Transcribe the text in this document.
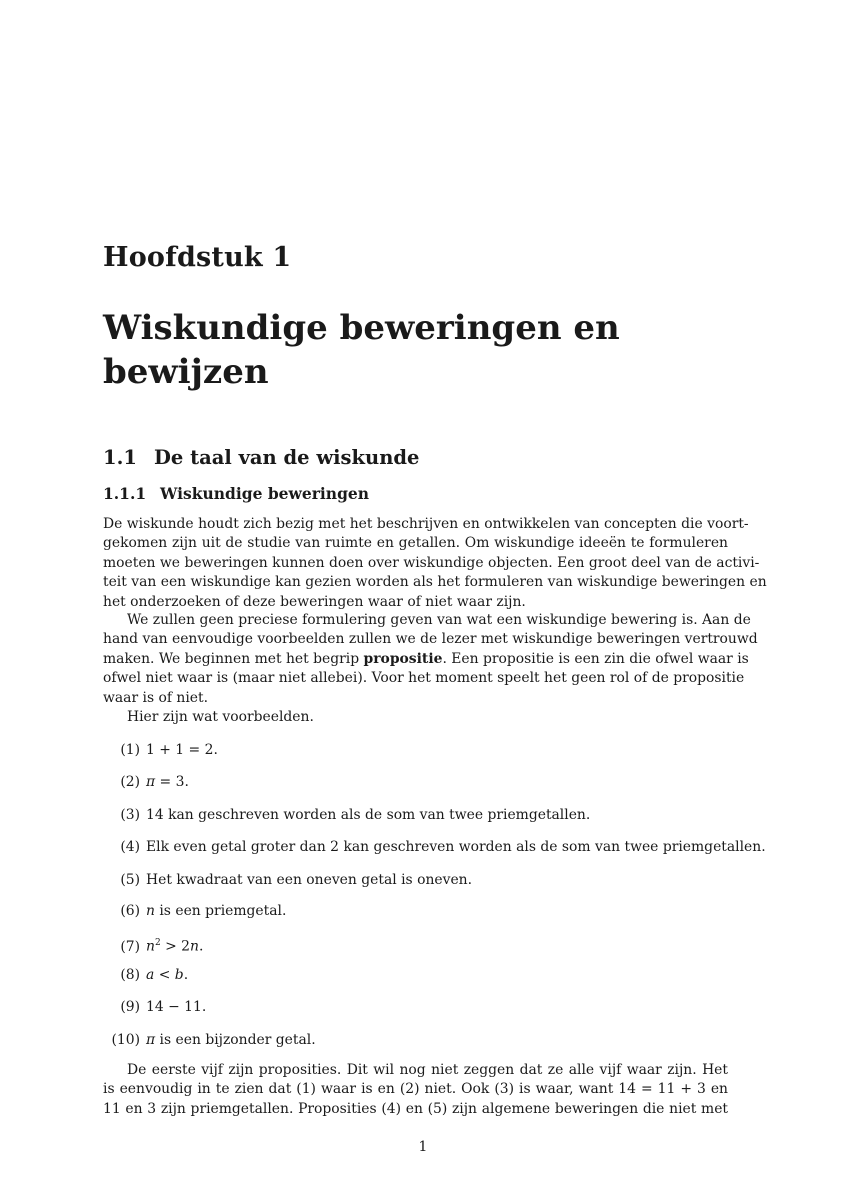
Hoofdstuk 1
Wiskundige beweringen en
bewijzen
1.1 De taal van de wiskunde
1.1.1 Wiskundige beweringen
De wiskunde houdt zich bezig met het beschrijven en ontwikkelen van concepten die voort-
gekomen zijn uit de studie van ruimte en getallen. Om wiskundige ideeën te formuleren
moeten we beweringen kunnen doen over wiskundige objecten. Een groot deel van de activi-
teit van een wiskundige kan gezien worden als het formuleren van wiskundige beweringen en
het onderzoeken of deze beweringen waar of niet waar zijn.
We zullen geen preciese formulering geven van wat een wiskundige bewering is. Aan de
hand van eenvoudige voorbeelden zullen we de lezer met wiskundige beweringen vertrouwd
maken. We beginnen met het begrip propositie. Een propositie is een zin die ofwel waar is
ofwel niet waar is (maar niet allebei). Voor het moment speelt het geen rol of de propositie
waar is of niet.
Hier zijn wat voorbeelden.
(1) 1 + 1 = 2.
(2) π = 3.
(3) 14 kan geschreven worden als de som van twee priemgetallen.
(4) Elk even getal groter dan 2 kan geschreven worden als de som van twee priemgetallen.
(5) Het kwadraat van een oneven getal is oneven.
(6) n is een priemgetal.
(7) $n^2 > 2n$.
(8) a < b.
(9) 14 − 11.
(10) π is een bijzonder getal.
De eerste vijf zijn proposities. Dit wil nog niet zeggen dat ze alle vijf waar zijn. Het
is eenvoudig in te zien dat (1) waar is en (2) niet. Ook (3) is waar, want 14 = 11 + 3 en
11 en 3 zijn priemgetallen. Proposities (4) en (5) zijn algemene beweringen die niet met
1
